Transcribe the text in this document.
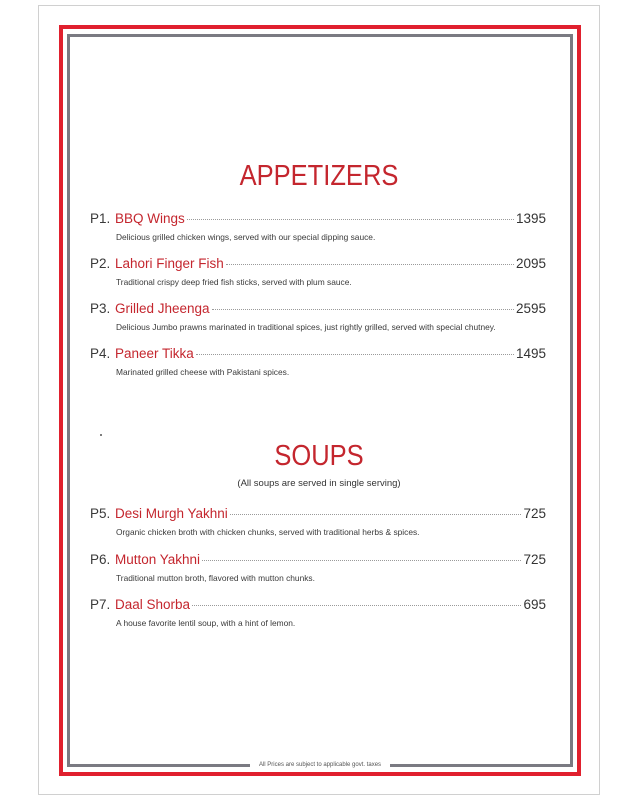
APPETIZERS
P1. BBQ Wings	1395
Delicious grilled chicken wings, served with our special dipping sauce.
P2. Lahori Finger Fish	2095
Traditional crispy deep fried fish sticks, served with plum sauce.
P3. Grilled Jheenga	2595
Delicious Jumbo prawns marinated in traditional spices, just rightly grilled, served with special chutney.
P4. Paneer Tikka	1495
Marinated grilled cheese with Pakistani spices.
SOUPS
(All soups are served in single serving)
P5. Desi Murgh Yakhni	725
Organic chicken broth with chicken chunks, served with traditional herbs & spices.
P6. Mutton Yakhni	725
Traditional mutton broth, flavored with mutton chunks.
P7. Daal Shorba	695
A house favorite lentil soup, with a hint of lemon.
All Prices are subject to applicable govt. taxes
